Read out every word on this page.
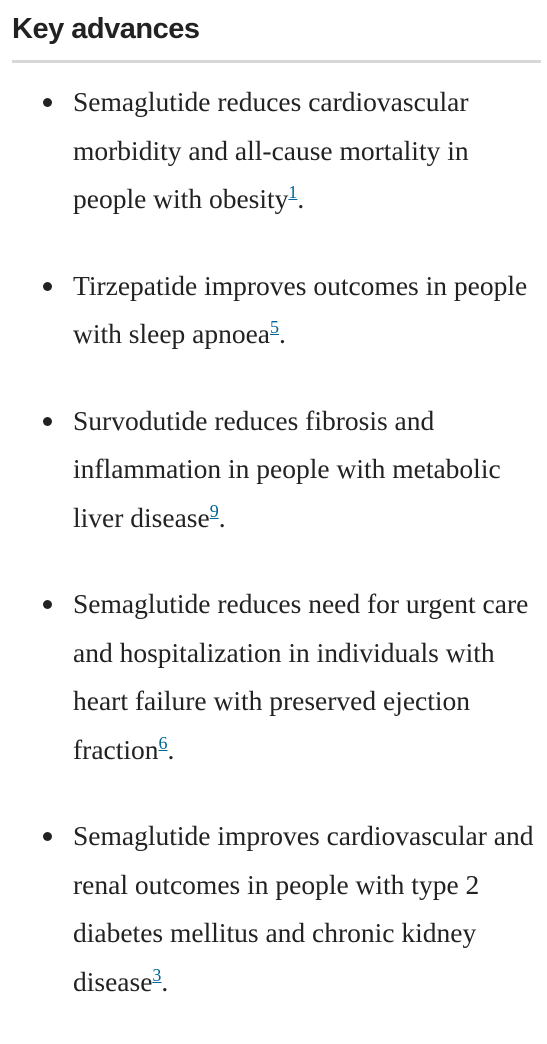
Key advances
Semaglutide reduces cardiovascular morbidity and all-cause mortality in people with obesity$^1$.
Tirzepatide improves outcomes in people with sleep apnoea$^5$.
Survodutide reduces fibrosis and inflammation in people with metabolic liver disease$^9$.
Semaglutide reduces need for urgent care and hospitalization in individuals with heart failure with preserved ejection fraction$^6$.
Semaglutide improves cardiovascular and renal outcomes in people with type 2 diabetes mellitus and chronic kidney disease$^3$.
